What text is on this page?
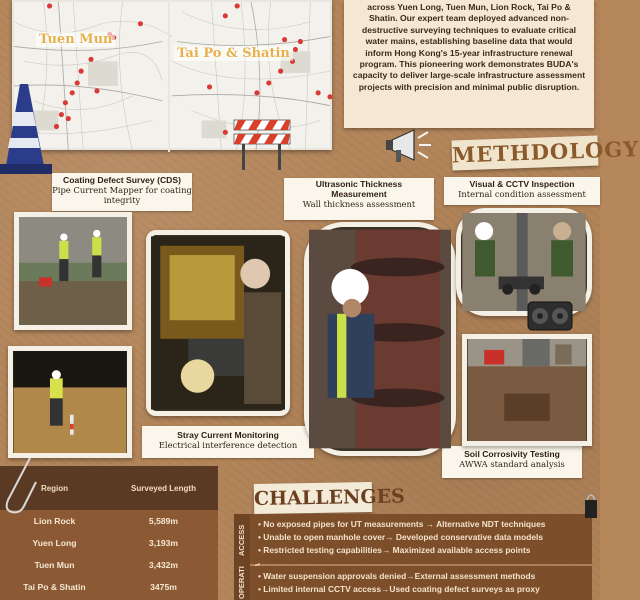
Tuen Mun
Tai Po & Shatin

across Yuen Long, Tuen Mun, Lion Rock, Tai Po & Shatin. Our expert team deployed advanced non-destructive surveying techniques to evaluate critical water mains, establishing baseline data that would inform Hong Kong's 15-year infrastructure renewal program. This pioneering work demonstrates BUDA's capacity to deliver large-scale infrastructure assessment projects with precision and minimal public disruption.

METHDOLOGY
Coating Defect Survey (CDS)
Pipe Current Mapper for coating integrity
Ultrasonic Thickness Measurement
Wall thickness assessment
Visual & CCTV Inspection
Internal condition assessment
Stray Current Monitoring
Electrical interference detection
Soil Corrosivity Testing
AWWA standard analysis
Region	Surveyed Length
Lion Rock	5,589m
Yuen Long	3,193m
Tuen Mun	3,432m
Tai Po & Shatin	3475m
CHALLENGES
ACCESS
• No exposed pipes for UT measurements → Alternative NDT techniques
• Unable to open manhole cover→ Developed conservative data models
• Restricted testing capabilities→ Maximized available access points
OPERATI
•	Water suspension approvals denied→External assessment methods
• Limited internal CCTV access→Used coating defect surveys as proxy
